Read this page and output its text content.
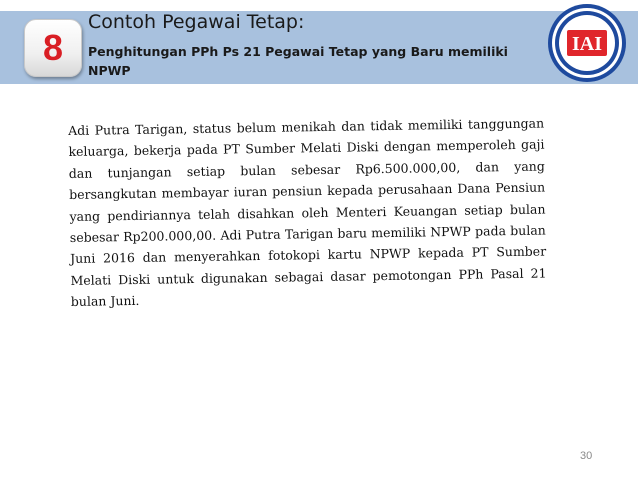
8
Contoh Pegawai Tetap:
Penghitungan PPh Ps 21 Pegawai Tetap yang Baru memiliki NPWP
IAI
Adi Putra Tarigan, status belum menikah dan tidak memiliki tanggungan keluarga, bekerja pada PT Sumber Melati Diski dengan memperoleh gaji dan tunjangan setiap bulan sebesar Rp6.500.000,00, dan yang bersangkutan membayar iuran pensiun kepada perusahaan Dana Pensiun yang pendiriannya telah disahkan oleh Menteri Keuangan setiap bulan sebesar Rp200.000,00. Adi Putra Tarigan baru memiliki NPWP pada bulan Juni 2016 dan menyerahkan fotokopi kartu NPWP kepada PT Sumber Melati Diski untuk digunakan sebagai dasar pemotongan PPh Pasal 21 bulan Juni.
30
